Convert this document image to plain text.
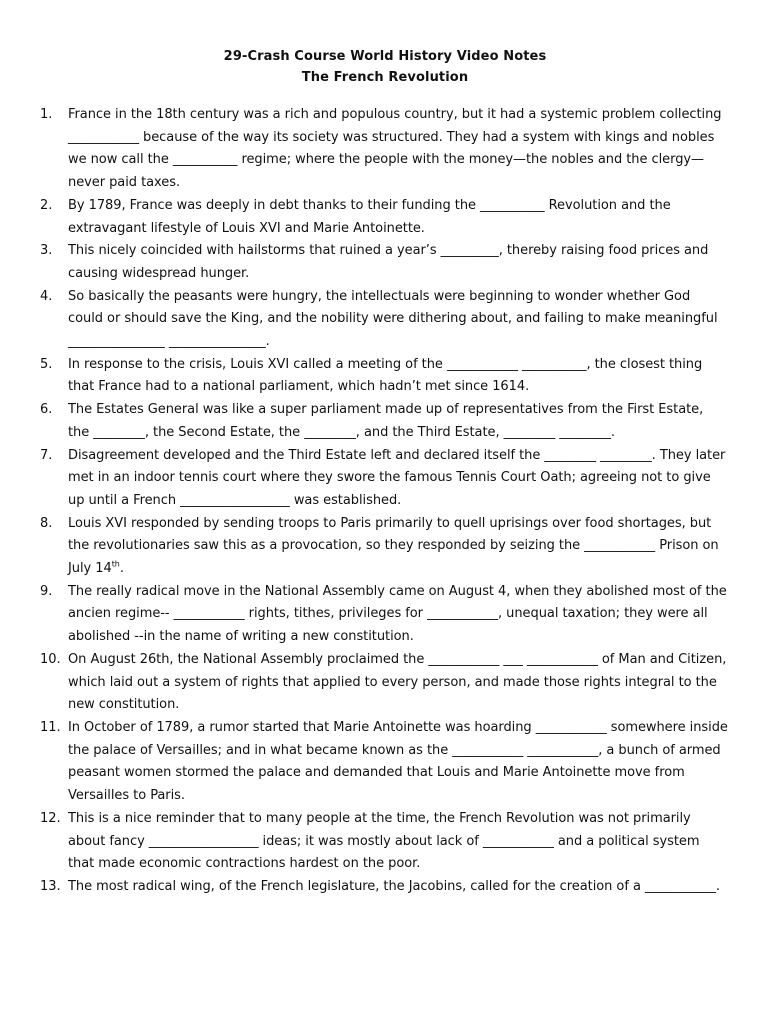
29-Crash Course World History Video Notes
The French Revolution
1. France in the 18th century was a rich and populous country, but it had a systemic problem collecting ___________ because of the way its society was structured. They had a system with kings and nobles we now call the __________ regime; where the people with the money—the nobles and the clergy—never paid taxes.
2. By 1789, France was deeply in debt thanks to their funding the __________ Revolution and the extravagant lifestyle of Louis XVI and Marie Antoinette.
3. This nicely coincided with hailstorms that ruined a year’s _________, thereby raising food prices and causing widespread hunger.
4. So basically the peasants were hungry, the intellectuals were beginning to wonder whether God could or should save the King, and the nobility were dithering about, and failing to make meaningful _______________ _______________.
5. In response to the crisis, Louis XVI called a meeting of the ___________ __________, the closest thing that France had to a national parliament, which hadn’t met since 1614.
6. The Estates General was like a super parliament made up of representatives from the First Estate, the ________, the Second Estate, the ________, and the Third Estate, ________ ________.
7. Disagreement developed and the Third Estate left and declared itself the ________ ________. They later met in an indoor tennis court where they swore the famous Tennis Court Oath; agreeing not to give up until a French _________________ was established.
8. Louis XVI responded by sending troops to Paris primarily to quell uprisings over food shortages, but the revolutionaries saw this as a provocation, so they responded by seizing the ___________ Prison on July 14th.
9. The really radical move in the National Assembly came on August 4, when they abolished most of the ancien regime-- ___________ rights, tithes, privileges for ___________, unequal taxation; they were all abolished --in the name of writing a new constitution.
10. On August 26th, the National Assembly proclaimed the ___________ ___ ___________ of Man and Citizen, which laid out a system of rights that applied to every person, and made those rights integral to the new constitution.
11. In October of 1789, a rumor started that Marie Antoinette was hoarding ___________ somewhere inside the palace of Versailles; and in what became known as the ___________ ___________, a bunch of armed peasant women stormed the palace and demanded that Louis and Marie Antoinette move from Versailles to Paris.
12. This is a nice reminder that to many people at the time, the French Revolution was not primarily about fancy _________________ ideas; it was mostly about lack of ___________ and a political system that made economic contractions hardest on the poor.
13. The most radical wing, of the French legislature, the Jacobins, called for the creation of a ___________.
